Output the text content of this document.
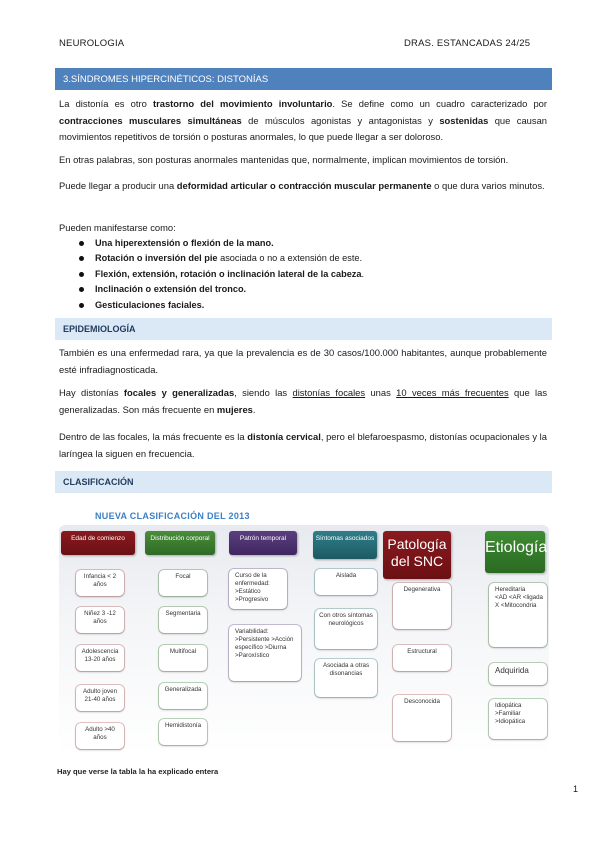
NEUROLOGIA	DRAS. ESTANCADAS 24/25
3.SÍNDROMES HIPERCINÉTICOS: DISTONÍAS

La distonía es otro trastorno del movimiento involuntario. Se define como un cuadro caracterizado por contracciones musculares simultáneas de músculos agonistas y antagonistas y sostenidas que causan movimientos repetitivos de torsión o posturas anormales, lo que puede llegar a ser doloroso.

En otras palabras, son posturas anormales mantenidas que, normalmente, implican movimientos de torsión.

Puede llegar a producir una deformidad articular o contracción muscular permanente o que dura varios minutos.

Pueden manifestarse como:

Una hiperextensión o flexión de la mano.
Rotación o inversión del pie asociada o no a extensión de este.
Flexión, extensión, rotación o inclinación lateral de la cabeza.
Inclinación o extensión del tronco.
Gesticulaciones faciales.
EPIDEMIOLOGÍA

También es una enfermedad rara, ya que la prevalencia es de 30 casos/100.000 habitantes, aunque probablemente esté infradiagnosticada.

Hay distonías focales y generalizadas, siendo las distonías focales unas 10 veces más frecuentes que las generalizadas. Son más frecuente en mujeres.

Dentro de las focales, la más frecuente es la distonía cervical, pero el blefaroespasmo, distonías ocupacionales y la laríngea la siguen en frecuencia.

CLASIFICACIÓN
NUEVA CLASIFICACIÓN DEL 2013
Edad de comienzo	Distribución corporal	Patrón temporal	Síntomas asociados Patología del SNC
Etiología
Infancia < 2 años
Niñez 3 -12 años
Adolescencia 13-20 años
Adulto joven 21-40 años
Adulto >40 años
Focal
Segmentaria
Multifocal
Generalizada
Hemidistonía
Curso de la enfermedad: >Estático >Progresivo
Variabilidad: >Persistente >Acción específico >Diurna >Paroxístico
Aislada
Con otros síntomas neurológicos
Asociada a otras disonancias
Degenerativa
Estructural
Desconocida
Hereditaria
<AD <AR <ligada X <Mitocondria
Adquirida
Idiopática
>Familiar >Idiopática
Hay que verse la tabla la ha explicado entera
1
